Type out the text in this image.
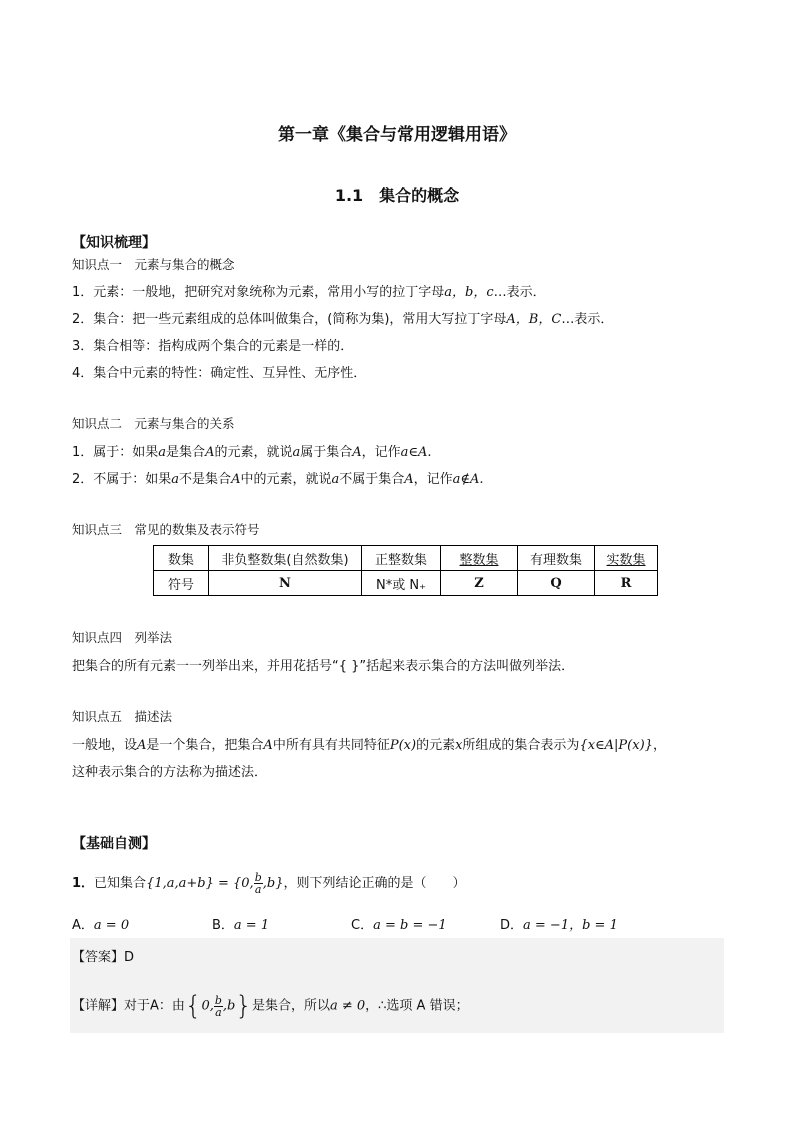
第一章《集合与常用逻辑用语》
1.1　集合的概念
【知识梳理】
知识点一　元素与集合的概念
1．元素：一般地，把研究对象统称为元素，常用小写的拉丁字母a，b，c…表示．
2．集合：把一些元素组成的总体叫做集合，(简称为集)，常用大写拉丁字母A，B，C…表示．
3．集合相等：指构成两个集合的元素是一样的．
4．集合中元素的特性：确定性、互异性、无序性．
知识点二　元素与集合的关系
1．属于：如果a是集合A的元素，就说a属于集合A，记作a∈A.
2．不属于：如果a不是集合A中的元素，就说a不属于集合A，记作a∉A.
知识点三　常见的数集及表示符号
数集	非负整数集(自然数集)	正整数集	整数集	有理数集	实数集
符号	N	N*或 N₊	Z	Q	R
知识点四　列举法
把集合的所有元素一一列举出来，并用花括号“{ }”括起来表示集合的方法叫做列举法．
知识点五　描述法
一般地，设A是一个集合，把集合A中所有具有共同特征P(x)的元素x所组成的集合表示为{x∈A|P(x)}，
这种表示集合的方法称为描述法．
【基础自测】
1．已知集合{1,a,a+b} = {0, $\frac{b}{a} ,b$}，则下列结论正确的是（　　）
A．a = 0	B．a = 1	C．a = b = −1	D．a = −1，b = 1
【答案】D
【详解】对于A：由{0, $\frac{b}{a} ,b$}是集合，所以a ≠ 0，∴选项 A 错误；
